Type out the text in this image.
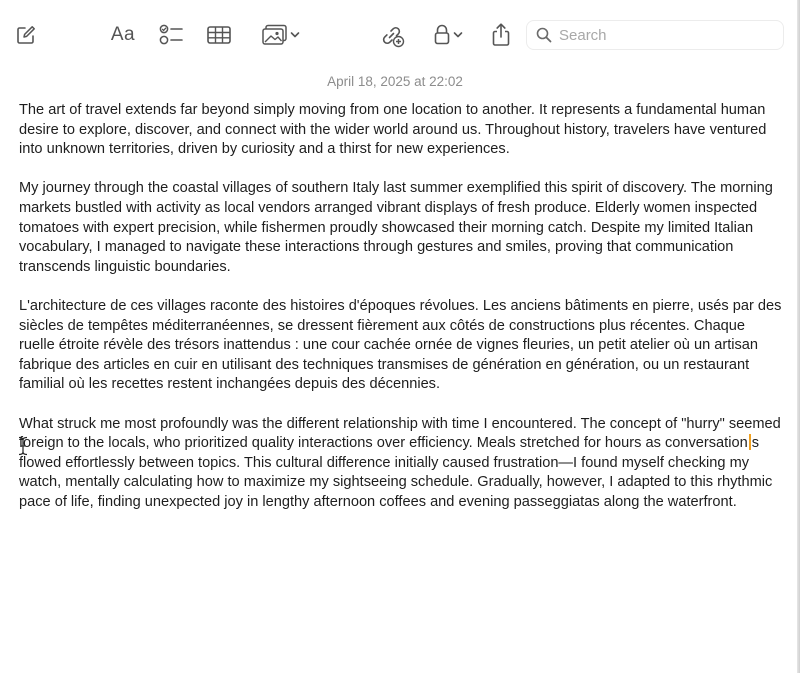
Aa
Search
April 18, 2025 at 22:02

The art of travel extends far beyond simply moving from one location to another. It represents a fundamental human desire to explore, discover, and connect with the wider world around us. Throughout history, travelers have ventured into unknown territories, driven by curiosity and a thirst for new experiences.

My journey through the coastal villages of southern Italy last summer exemplified this spirit of discovery. The morning markets bustled with activity as local vendors arranged vibrant displays of fresh produce. Elderly women inspected tomatoes with expert precision, while fishermen proudly showcased their morning catch. Despite my limited Italian vocabulary, I managed to navigate these interactions through gestures and smiles, proving that communication transcends linguistic boundaries.

L'architecture de ces villages raconte des histoires d'époques révolues. Les anciens bâtiments en pierre, usés par des siècles de tempêtes méditerranéennes, se dressent fièrement aux côtés de constructions plus récentes. Chaque ruelle étroite révèle des trésors inattendus : une cour cachée ornée de vignes fleuries, un petit atelier où un artisan fabrique des articles en cuir en utilisant des techniques transmises de génération en génération, ou un restaurant familial où les recettes restent inchangées depuis des décennies.

What struck me most profoundly was the different relationship with time I encountered. The concept of "hurry" seemed foreign to the locals, who prioritized quality interactions over efficiency. Meals stretched for hours as conversation s flowed effortlessly between topics. This cultural difference initially caused frustration—I found myself checking my watch, mentally calculating how to maximize my sightseeing schedule. Gradually, however, I adapted to this rhythmic pace of life, finding unexpected joy in lengthy afternoon coffees and evening passeggiatas along the waterfront.
